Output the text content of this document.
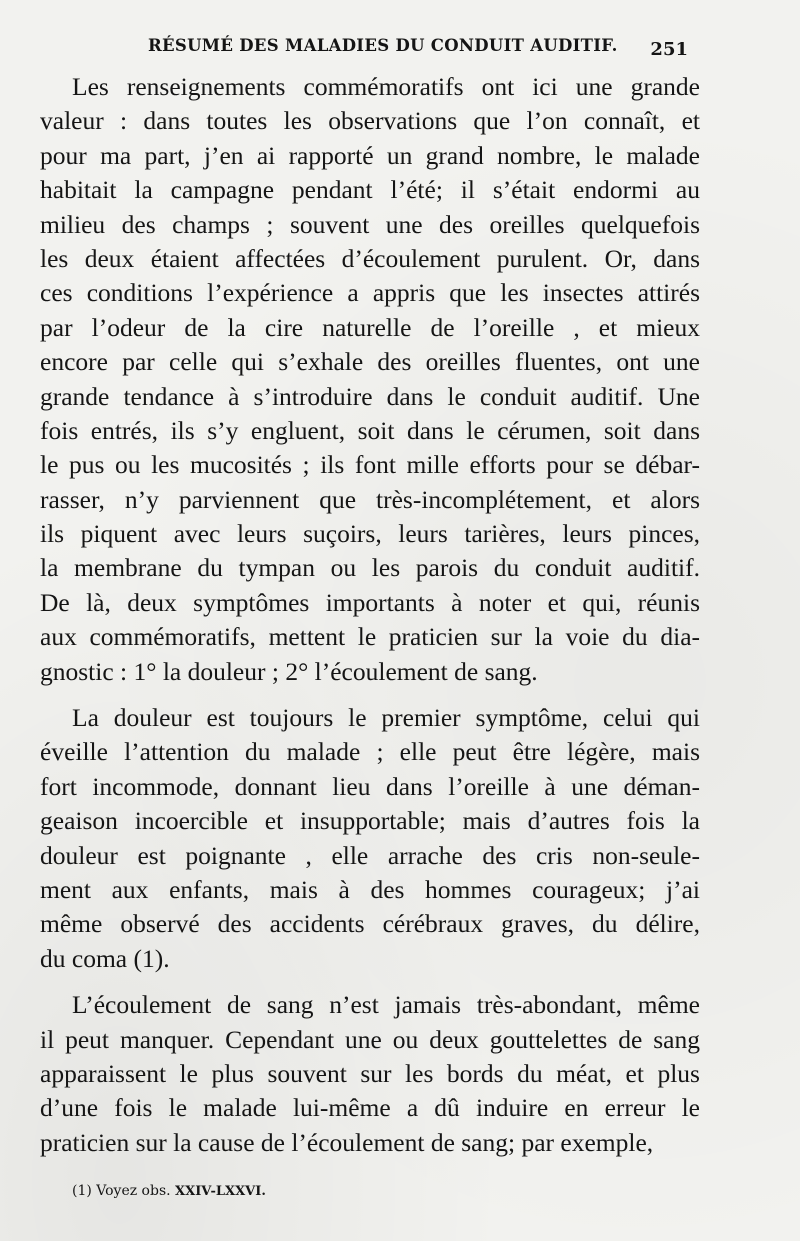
RÉSUMÉ DES MALADIES DU CONDUIT AUDITIF. 251
Les renseignements commémoratifs ont ici une grande
valeur : dans toutes les observations que l’on connaît, et
pour ma part, j’en ai rapporté un grand nombre, le malade
habitait la campagne pendant l’été; il s’était endormi au
milieu des champs ; souvent une des oreilles quelquefois
les deux étaient affectées d’écoulement purulent. Or, dans
ces conditions l’expérience a appris que les insectes attirés
par l’odeur de la cire naturelle de l’oreille , et mieux
encore par celle qui s’exhale des oreilles fluentes, ont une
grande tendance à s’introduire dans le conduit auditif. Une
fois entrés, ils s’y engluent, soit dans le cérumen, soit dans
le pus ou les mucosités ; ils font mille efforts pour se débar-
rasser, n’y parviennent que très-incomplétement, et alors
ils piquent avec leurs suçoirs, leurs tarières, leurs pinces,
la membrane du tympan ou les parois du conduit auditif.
De là, deux symptômes importants à noter et qui, réunis
aux commémoratifs, mettent le praticien sur la voie du dia-
gnostic : 1° la douleur ; 2° l’écoulement de sang.
La douleur est toujours le premier symptôme, celui qui
éveille l’attention du malade ; elle peut être légère, mais
fort incommode, donnant lieu dans l’oreille à une déman-
geaison incoercible et insupportable; mais d’autres fois la
douleur est poignante , elle arrache des cris non-seule-
ment aux enfants, mais à des hommes courageux; j’ai
même observé des accidents cérébraux graves, du délire,
du coma (1).
L’écoulement de sang n’est jamais très-abondant, même
il peut manquer. Cependant une ou deux gouttelettes de sang
apparaissent le plus souvent sur les bords du méat, et plus
d’une fois le malade lui-même a dû induire en erreur le
praticien sur la cause de l’écoulement de sang; par exemple,
(1) Voyez obs. XXIV-LXXVI.
